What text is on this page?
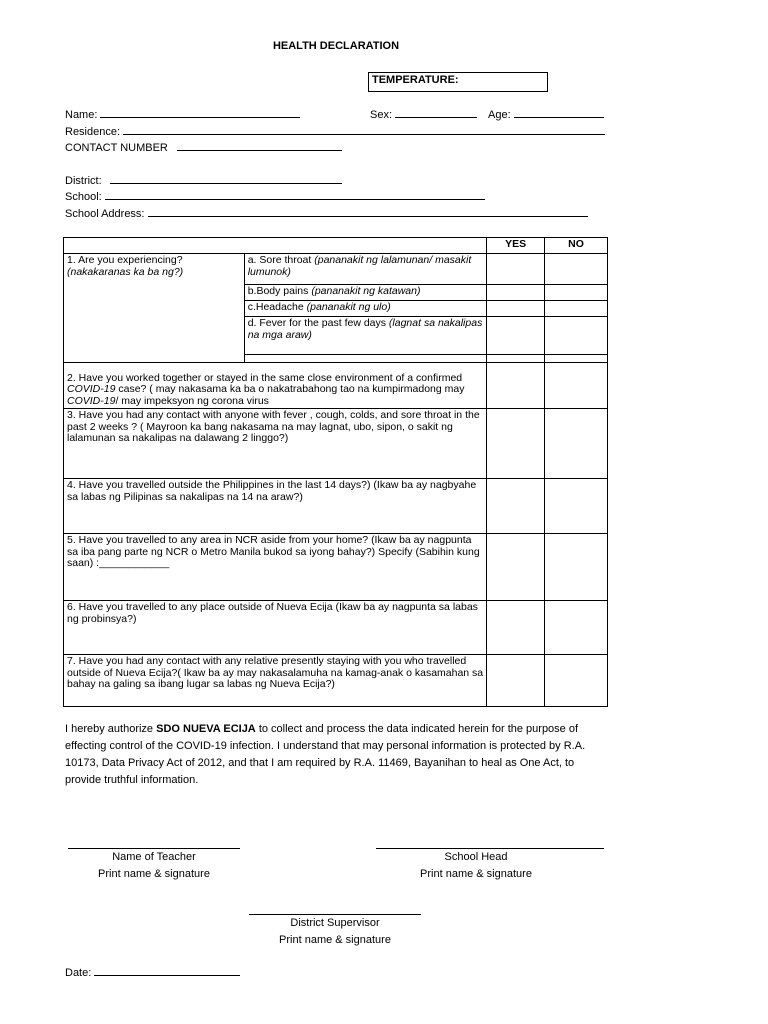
HEALTH DECLARATION
TEMPERATURE:
Name:	Sex:	Age:
Residence:
CONTACT NUMBER
District:
School:
School Address:
		YES	NO
1. Are you experiencing?
(nakakaranas ka ba ng?)	a. Sore throat (pananakit ng lalamunan/ masakit lumunok)		
	b.Body pains (pananakit ng katawan)		
	c.Headache (pananakit ng ulo)		
	d. Fever for the past few days (lagnat sa nakalipas na mga araw)		

2. Have you worked together or stayed in the same close environment of a confirmed COVID-19 case? ( may nakasama ka ba o nakatrabahong tao na kumpirmadong may COVID-19/ may impeksyon ng corona virus			
3. Have you had any contact with anyone with fever , cough, colds, and sore throat in the past 2 weeks ? ( Mayroon ka bang nakasama na may lagnat, ubo, sipon, o sakit ng lalamunan sa nakalipas na dalawang 2 linggo?)			
4. Have you travelled outside the Philippines in the last 14 days?) (Ikaw ba ay nagbyahe sa labas ng Pilipinas sa nakalipas na 14 na araw?)			
5. Have you travelled to any area in NCR aside from your home? (Ikaw ba ay nagpunta sa iba pang parte ng NCR o Metro Manila bukod sa iyong bahay?) Specify (Sabihin kung saan) :____________			
6. Have you travelled to any place outside of Nueva Ecija (Ikaw ba ay nagpunta sa labas ng probinsya?)			
7. Have you had any contact with any relative presently staying with you who travelled outside of Nueva Ecija?( Ikaw ba ay may nakasalamuha na kamag-anak o kasamahan sa bahay na galing sa ibang lugar sa labas ng Nueva Ecija?)			
I hereby authorize SDO NUEVA ECIJA to collect and process the data indicated herein for the purpose of effecting control of the COVID-19 infection. I understand that may personal information is protected by R.A. 10173, Data Privacy Act of 2012, and that I am required by R.A. 11469, Bayanihan to heal as One Act, to provide truthful information.
Name of Teacher
Print name & signature
School Head
Print name & signature
District Supervisor
Print name & signature
Date:
